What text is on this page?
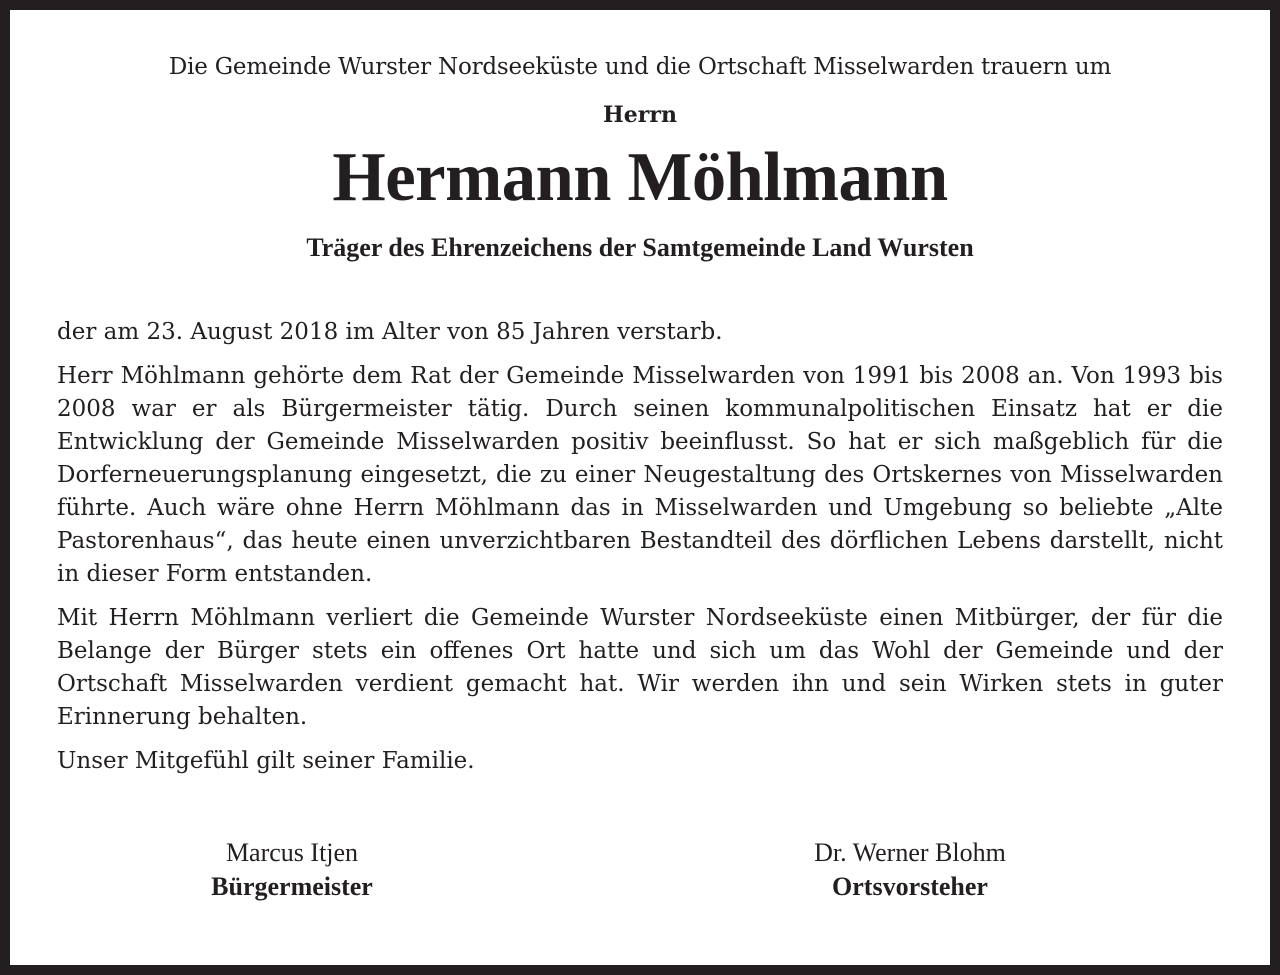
Die Gemeinde Wurster Nordseeküste und die Ortschaft Misselwarden trauern um
Herrn
Hermann Möhlmann
Träger des Ehrenzeichens der Samtgemeinde Land Wursten

der am 23. August 2018 im Alter von 85 Jahren verstarb.

Herr Möhlmann gehörte dem Rat der Gemeinde Misselwarden von 1991 bis 2008 an. Von 1993 bis 2008 war er als Bürgermeister tätig. Durch seinen kommunalpolitischen Einsatz hat er die Entwicklung der Gemeinde Misselwarden positiv beeinflusst. So hat er sich maßgeblich für die Dorferneuerungsplanung eingesetzt, die zu einer Neugestaltung des Ortskernes von Misselwarden führte. Auch wäre ohne Herrn Möhlmann das in Misselwarden und Umgebung so beliebte „Alte Pastorenhaus“, das heute einen unverzichtbaren Bestandteil des dörflichen Lebens darstellt, nicht in dieser Form entstanden.

Mit Herrn Möhlmann verliert die Gemeinde Wurster Nordseeküste einen Mitbürger, der für die Belange der Bürger stets ein offenes Ort hatte und sich um das Wohl der Gemeinde und der Ortschaft Misselwarden verdient gemacht hat. Wir werden ihn und sein Wirken stets in guter Erinnerung behalten.

Unser Mitgefühl gilt seiner Familie.

Marcus Itjen
Bürgermeister
Dr. Werner Blohm
Ortsvorsteher
